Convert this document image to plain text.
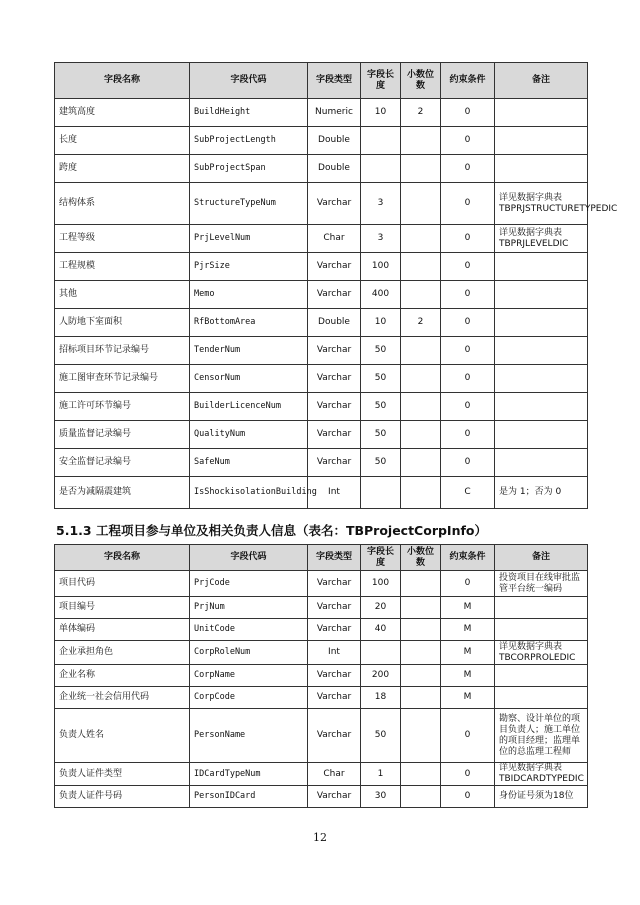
字段名称	字段代码	字段类型	字段长度	小数位数	约束条件	备注
建筑高度	BuildHeight	Numeric	10	2	0	
长度	SubProjectLength	Double			0	
跨度	SubProjectSpan	Double			0	
结构体系	StructureTypeNum	Varchar	3		0	详见数据字典表TBPRJSTRUCTURETYPEDIC
工程等级	PrjLevelNum	Char	3		0	详见数据字典表TBPRJLEVELDIC
工程规模	PjrSize	Varchar	100		0	
其他	Memo	Varchar	400		0	
人防地下室面积	RfBottomArea	Double	10	2	0	
招标项目环节记录编号	TenderNum	Varchar	50		0	
施工图审查环节记录编号	CensorNum	Varchar	50		0	
施工许可环节编号	BuilderLicenceNum	Varchar	50		0	
质量监督记录编号	QualityNum	Varchar	50		0	
安全监督记录编号	SafeNum	Varchar	50		0	
是否为减隔震建筑	IsShockisolationBuilding	Int			C	是为 1；否为 0
5.1.3 工程项目参与单位及相关负责人信息（表名：TBProjectCorpInfo）
字段名称	字段代码	字段类型	字段长度	小数位数	约束条件	备注
项目代码	PrjCode	Varchar	100		0	投资项目在线审批监管平台统一编码
项目编号	PrjNum	Varchar	20		M	
单体编码	UnitCode	Varchar	40		M	
企业承担角色	CorpRoleNum	Int			M	详见数据字典表TBCORPROLEDIC
企业名称	CorpName	Varchar	200		M	
企业统一社会信用代码	CorpCode	Varchar	18		M	
负责人姓名	PersonName	Varchar	50		0	勘察、设计单位的项目负责人；施工单位的项目经理；监理单位的总监理工程师
负责人证件类型	IDCardTypeNum	Char	1		0	详见数据字典表TBIDCARDTYPEDIC
负责人证件号码	PersonIDCard	Varchar	30		0	身份证号须为18位
12
